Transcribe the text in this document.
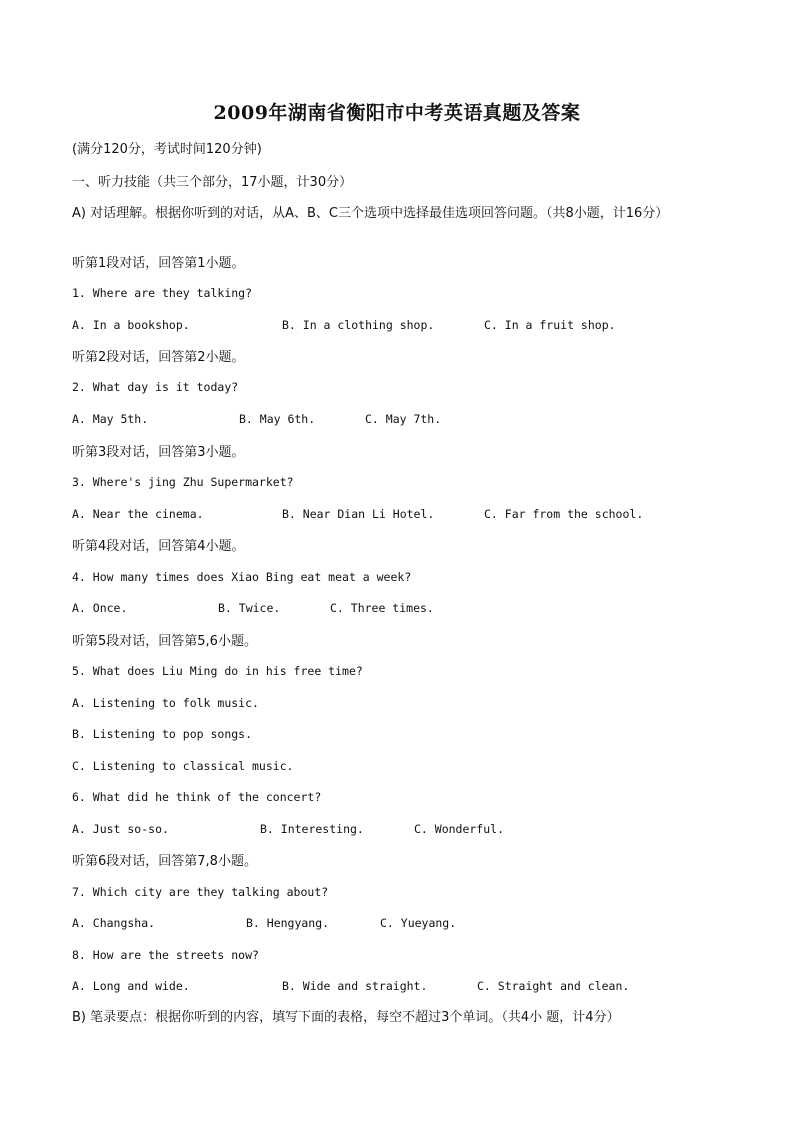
2009年湖南省衡阳市中考英语真题及答案
(满分120分，考试时间120分钟)
一、听力技能（共三个部分，17小题，计30分）
A) 对话理解。根据你听到的对话，从A、B、C三个选项中选择最佳选项回答问题。（共8小题，计16分）
听第1段对话，回答第1小题。
1. Where are they talking?
A. In a bookshop.	B. In a clothing shop.	C. In a fruit shop.
听第2段对话，回答第2小题。
2. What day is it today?
A. May 5th.	B. May 6th.	C. May 7th.
听第3段对话，回答第3小题。
3. Where's jing Zhu Supermarket?
A. Near the cinema.	B. Near Dian Li Hotel.	C. Far from the school.
听第4段对话，回答第4小题。
4. How many times does Xiao Bing eat meat a week?
A. Once.	B. Twice.	C. Three times.
听第5段对话，回答第5,6小题。
5. What does Liu Ming do in his free time?
A. Listening to folk music.
B. Listening to pop songs.
C. Listening to classical music.
6. What did he think of the concert?
A. Just so-so.	B. Interesting.	C. Wonderful.
听第6段对话，回答第7,8小题。
7. Which city are they talking about?
A. Changsha.	B. Hengyang.	C. Yueyang.
8. How are the streets now?
A. Long and wide.	B. Wide and straight.	C. Straight and clean.
B) 笔录要点：根据你听到的内容，填写下面的表格，每空不超过3个单词。（共4小 题，计4分）
